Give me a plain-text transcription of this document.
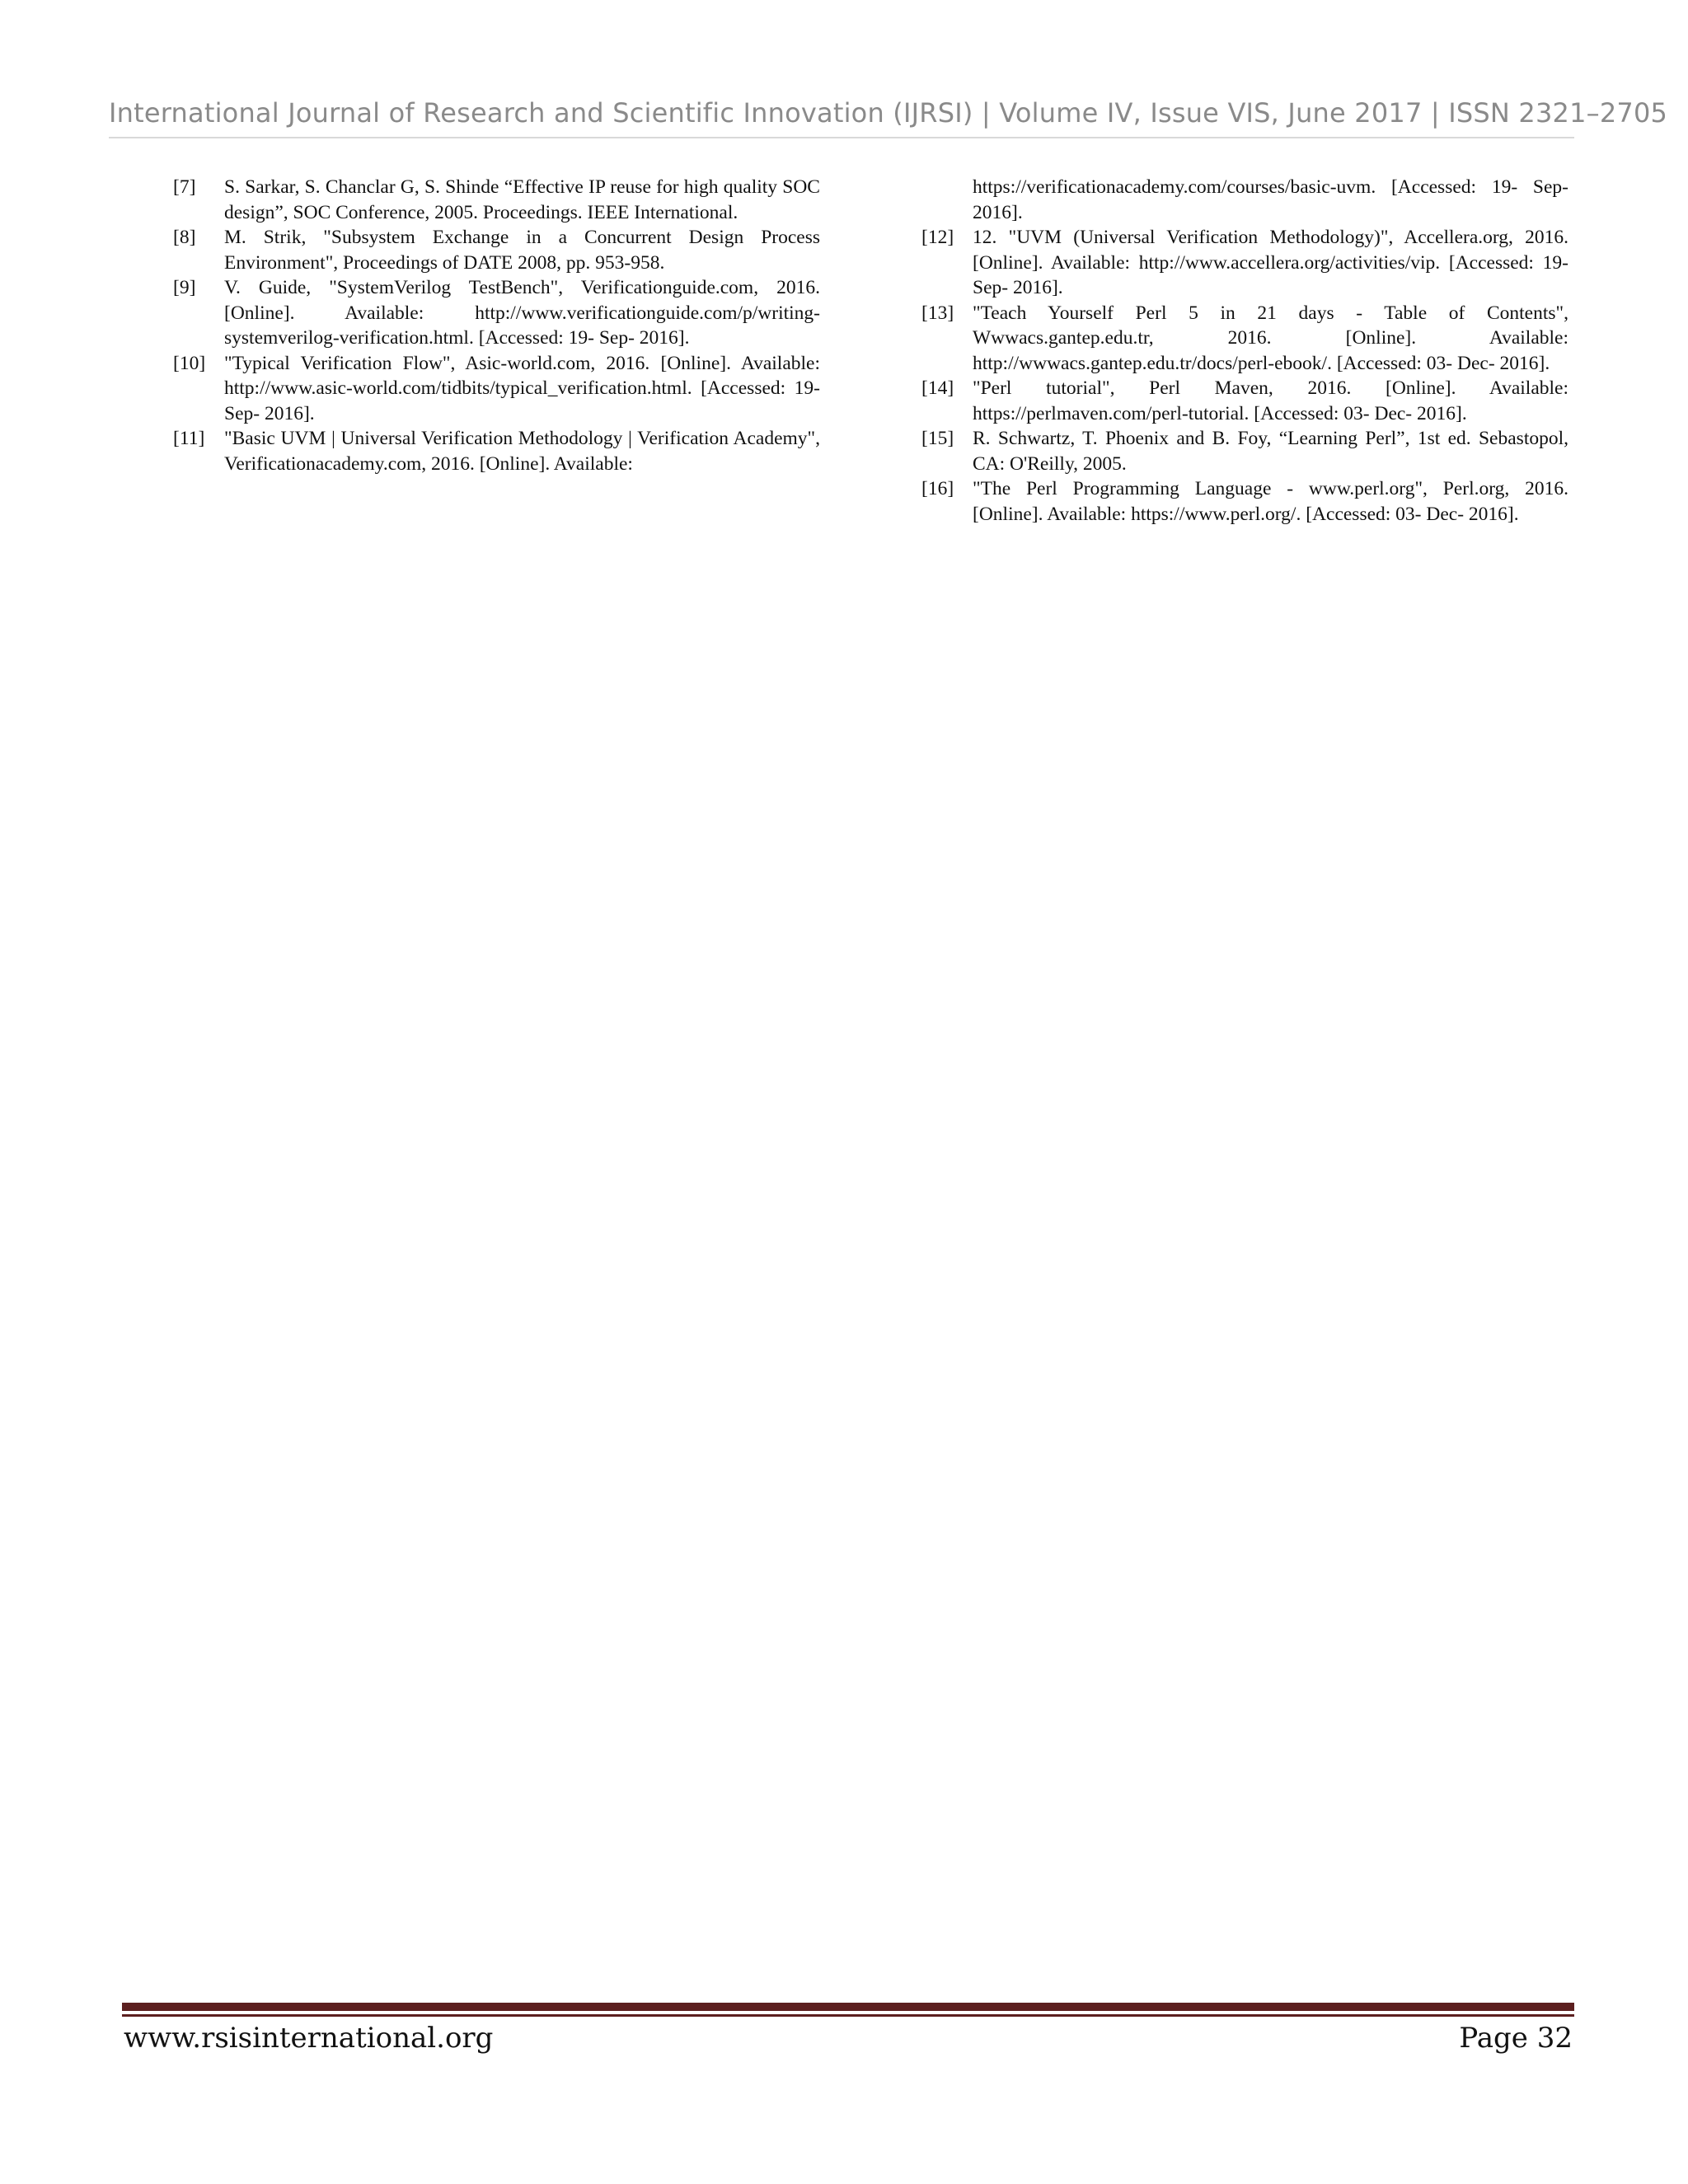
International Journal of Research and Scientific Innovation (IJRSI) | Volume IV, Issue VIS, June 2017 | ISSN 2321–2705
[7]	S. Sarkar, S. Chanclar G, S. Shinde “Effective IP reuse for high quality SOC design”, SOC Conference, 2005. Proceedings. IEEE International.
[8]	M. Strik, "Subsystem Exchange in a Concurrent Design Process Environment", Proceedings of DATE 2008, pp. 953-958.
[9]	V. Guide, "SystemVerilog TestBench", Verificationguide.com, 2016. [Online]. Available: http://www.verificationguide.com/p/writing-systemverilog-verification.html. [Accessed: 19- Sep- 2016].
[10] "Typical Verification Flow", Asic-world.com, 2016. [Online]. Available: http://www.asic-world.com/tidbits/typical_verification.html. [Accessed: 19- Sep- 2016].
[11]	"Basic UVM | Universal Verification Methodology | Verification Academy", Verificationacademy.com, 2016. [Online]. Available:
https://verificationacademy.com/courses/basic-uvm. [Accessed: 19- Sep- 2016].
[12] 12. "UVM (Universal Verification Methodology)", Accellera.org, 2016. [Online]. Available: http://www.accellera.org/activities/vip. [Accessed: 19- Sep- 2016].
[13] "Teach Yourself Perl 5 in 21 days - Table of Contents", Wwwacs.gantep.edu.tr, 2016. [Online]. Available: http://wwwacs.gantep.edu.tr/docs/perl-ebook/. [Accessed: 03- Dec- 2016].
[14] "Perl tutorial", Perl Maven, 2016. [Online]. Available: https://perlmaven.com/perl-tutorial. [Accessed: 03- Dec- 2016].
[15] R. Schwartz, T. Phoenix and B. Foy, “Learning Perl”, 1st ed. Sebastopol, CA: O'Reilly, 2005.
[16] "The Perl Programming Language - www.perl.org", Perl.org, 2016. [Online]. Available: https://www.perl.org/. [Accessed: 03- Dec- 2016].
www.rsisinternational.org	Page 32
